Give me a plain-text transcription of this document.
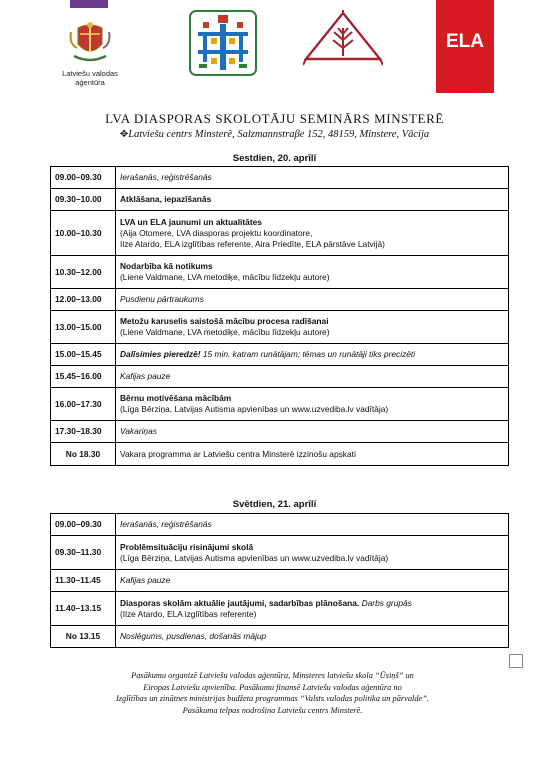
Latviešu valodas
aģentūra
ELA
LVA DIASPORAS SKOLOTĀJU SEMINĀRS MINSTERĒ
✥Latviešu centrs Minsterē, Salzmannstraβe 152, 48159, Minstere, Vācija
Sestdien, 20. aprīlī
09.00–09.30	Ierašanās, reģistrēšanās

09.30–10.00	Atklāšana, iepazīšanās

10.00–10.30	LVA un ELA jaunumi un aktualitātes
(Aija Otomere, LVA diasporas projektu koordinatore,
Ilze Atardo, ELA izglītības referente, Aira Priedīte, ELA pārstāve Latvijā)

10.30–12.00	Nodarbība kā notikums
(Liene Valdmane, LVA metodiķe, mācību līdzekļu autore)

12.00–13.00	Pusdienu pārtraukums

13.00–15.00	Metožu karuselis saistošā mācību procesa radīšanai
(Liene Valdmane, LVA metodiķe, mācību līdzekļu autore)

15.00–15.45	Dalīsimies pieredzē! 15 min. katram runātājam; tēmas un runātāji tiks precizēti

15.45–16.00	Kafijas pauze

16.00–17.30	Bērnu motivēšana mācībām
(Līga Bērziņa, Latvijas Autisma apvienības un www.uzvediba.lv vadītāja)

17.30–18.30	Vakariņas

No 18.30	Vakara programma ar Latviešu centra Minsterē izzinošu apskati
Svētdien, 21. aprīlī
09.00–09.30	Ierašanās, reģistrēšanās

09.30–11.30	Problēmsituāciju risinājumi skolā
(Līga Bērziņa, Latvijas Autisma apvienības un www.uzvediba.lv vadītāja)

11.30–11.45	Kafijas pauze

11.40–13.15	Diasporas skolām aktuālie jautājumi, sadarbības plānošana. Darbs grupās
(Ilze Atardo, ELA izglītības referente)

No 13.15	Noslēgums, pusdienas, došanās mājup
Pasākumu organizē Latviešu valodas aģentūra, Minsteres latviešu skola “Ūsiņš” un
Eiropas Latviešu apvienība. Pasākumu finansē Latviešu valodas aģentūra no
Izglītības un zinātnes ministrijas budžeta programmas “Valsts valodas politika un pārvalde”.
Pasākuma telpas nodrošina Latviešu centrs Minsterē.
